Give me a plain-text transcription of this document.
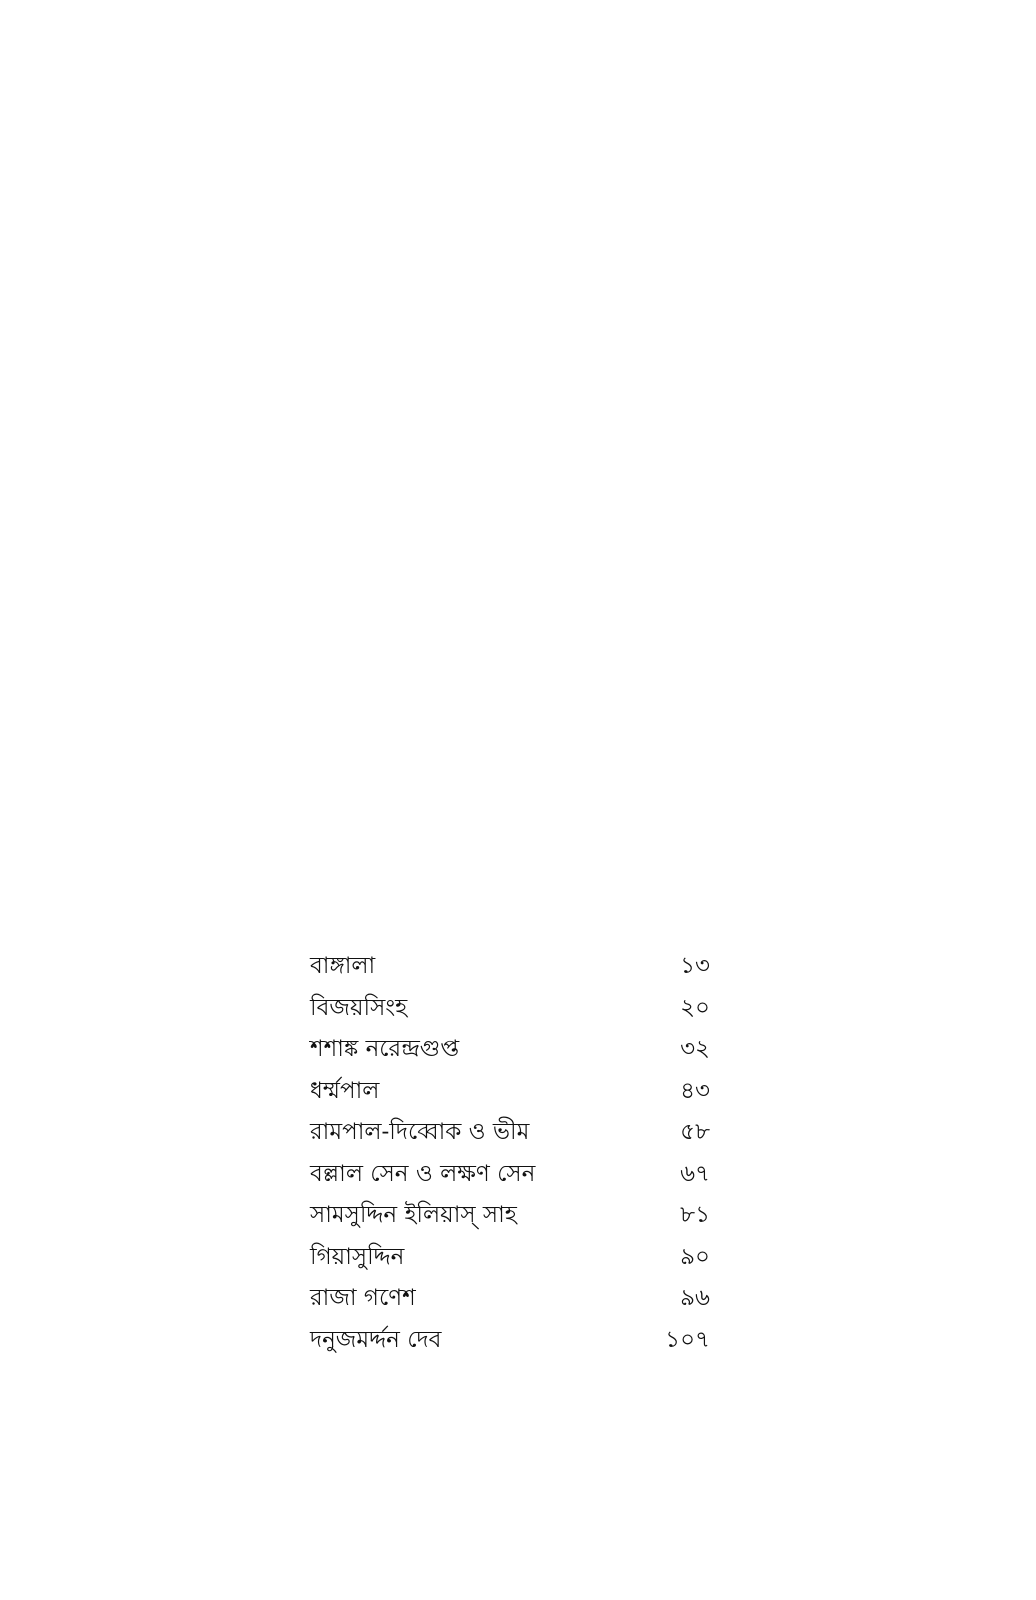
বাঙ্গালা	১৩
বিজয়সিংহ	২০
শশাঙ্ক নরেন্দ্রগুপ্ত	৩২
ধর্ম্মপাল	৪৩
রামপাল-দিব্বোক ও ভীম	৫৮
বল্লাল সেন ও লক্ষণ সেন	৬৭
সামসুদ্দিন ইলিয়াস্ সাহ	৮১
গিয়াসুদ্দিন	৯০
রাজা গণেশ	৯৬
দনুজমর্দ্দন দেব	১০৭
